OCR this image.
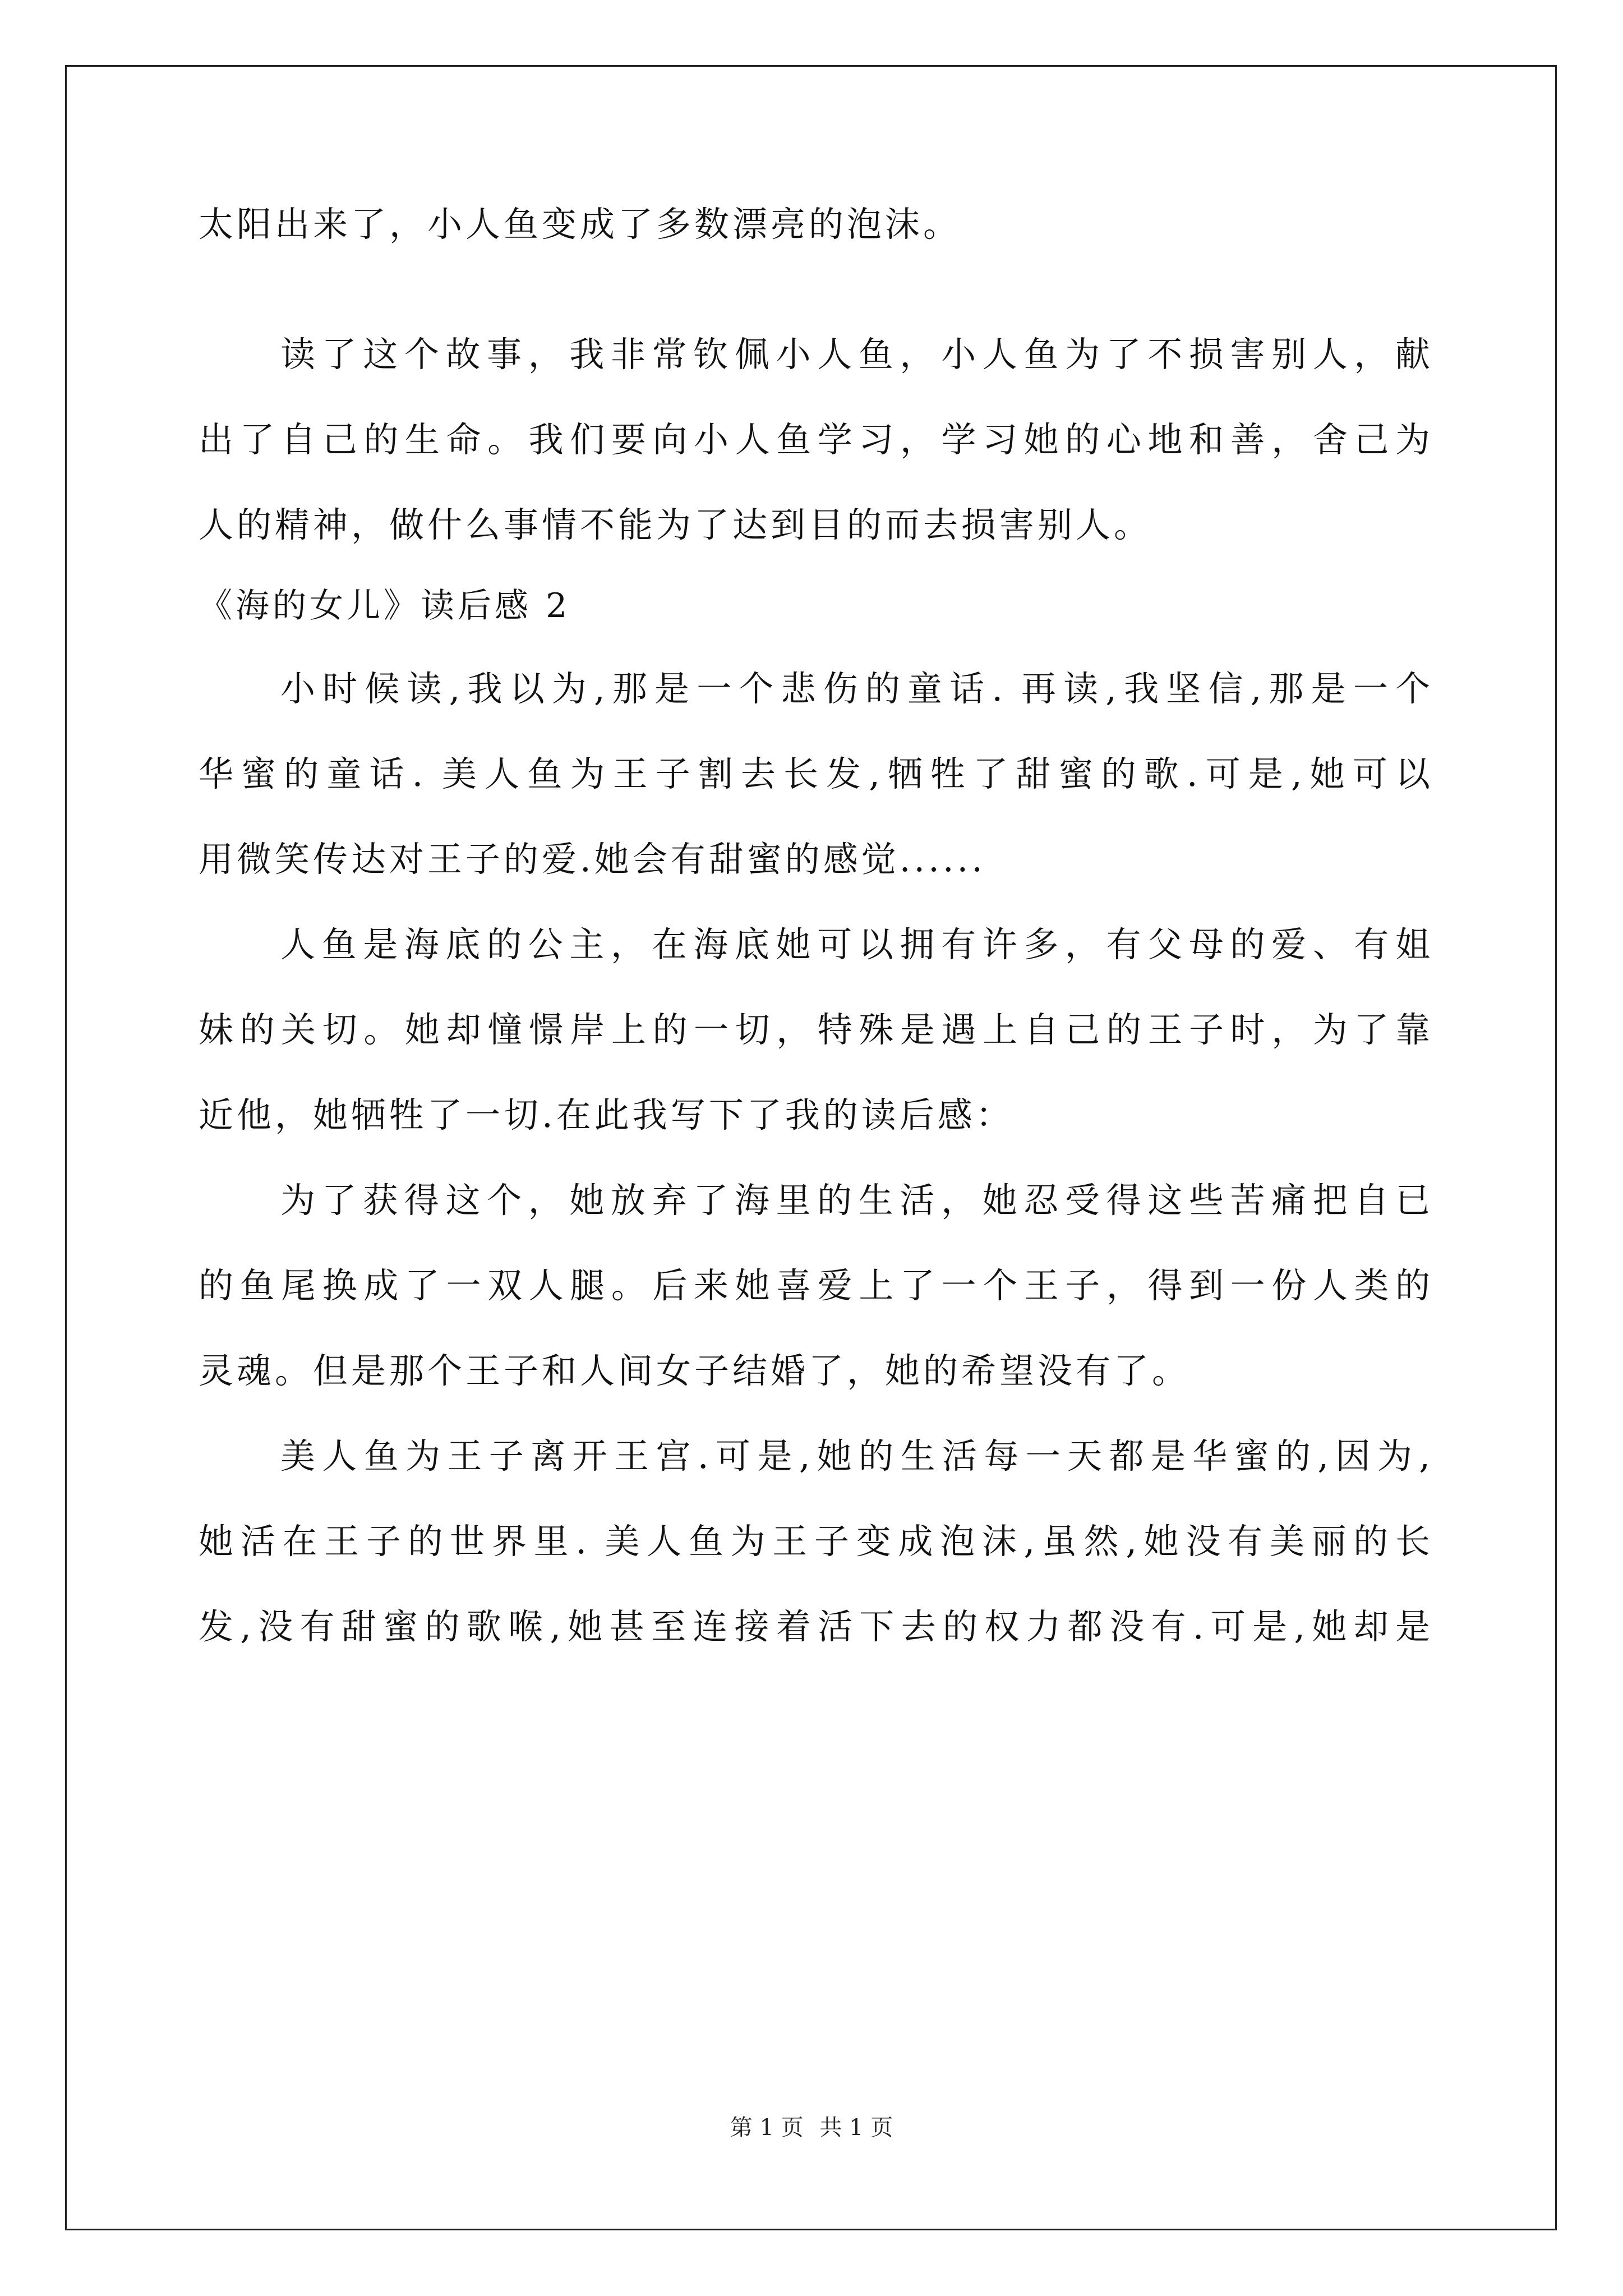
太阳出来了，小人鱼变成了多数漂亮的泡沫。
读了这个故事，我非常钦佩小人鱼，小人鱼为了不损害别人，献
出了自己的生命。我们要向小人鱼学习，学习她的心地和善，舍己为
人的精神，做什么事情不能为了达到目的而去损害别人。
《海的女儿》读后感 2
小时候读,我以为,那是一个悲伤的童话. 再读,我坚信,那是一个
华蜜的童话. 美人鱼为王子割去长发,牺牲了甜蜜的歌.可是,她可以
用微笑传达对王子的爱.她会有甜蜜的感觉......
人鱼是海底的公主，在海底她可以拥有许多，有父母的爱、有姐
妹的关切。她却憧憬岸上的一切，特殊是遇上自己的王子时，为了靠
近他，她牺牲了一切.在此我写下了我的读后感：
为了获得这个，她放弃了海里的生活，她忍受得这些苦痛把自已
的鱼尾换成了一双人腿。后来她喜爱上了一个王子，得到一份人类的
灵魂。但是那个王子和人间女子结婚了，她的希望没有了。
美人鱼为王子离开王宫.可是,她的生活每一天都是华蜜的,因为,
她活在王子的世界里. 美人鱼为王子变成泡沫,虽然,她没有美丽的长
发,没有甜蜜的歌喉,她甚至连接着活下去的权力都没有.可是,她却是
第 1 页 共 1 页
